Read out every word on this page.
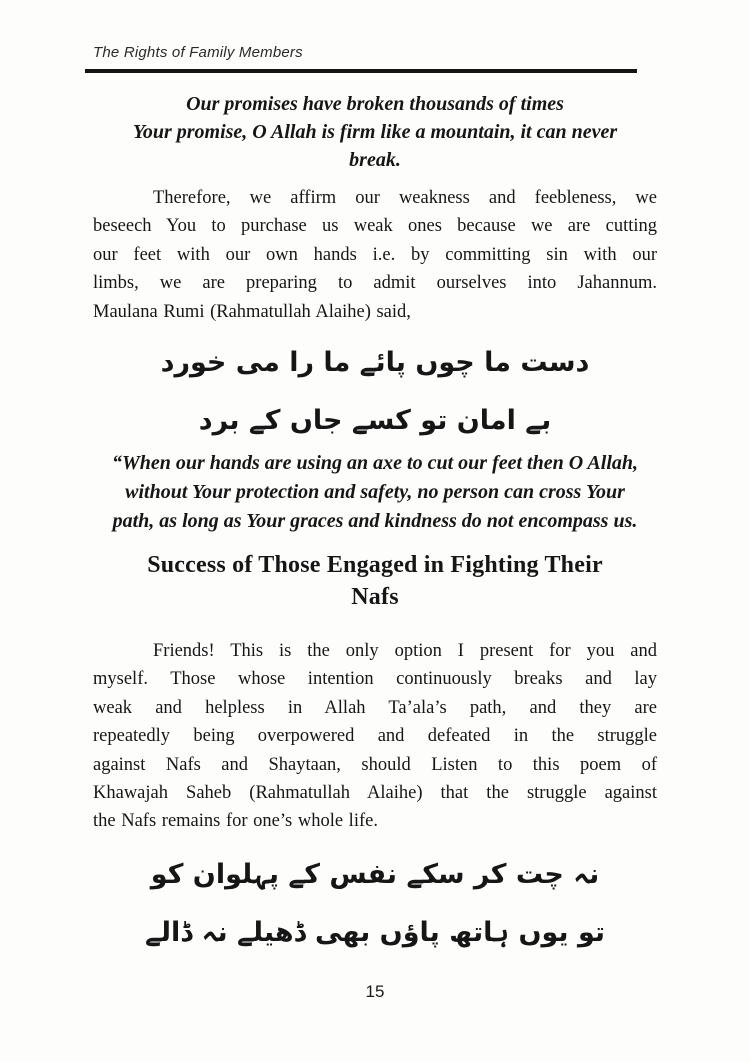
The Rights of Family Members
Our promises have broken thousands of times
Your promise, O Allah is firm like a mountain, it can never
break.
Therefore, we affirm our weakness and feebleness, we
beseech You to purchase us weak ones because we are cutting
our feet with our own hands i.e. by committing sin with our
limbs, we are preparing to admit ourselves into Jahannum.
Maulana Rumi (Rahmatullah Alaihe) said,
دست ما چوں پائے ما را می خورد
بے امان تو کسے جاں کے برد
“When our hands are using an axe to cut our feet then O Allah,
without Your protection and safety, no person can cross Your
path, as long as Your graces and kindness do not encompass us.
Success of Those Engaged in Fighting Their
Nafs
Friends! This is the only option I present for you and
myself. Those whose intention continuously breaks and lay
weak and helpless in Allah Ta’ala’s path, and they are
repeatedly being overpowered and defeated in the struggle
against Nafs and Shaytaan, should Listen to this poem of
Khawajah Saheb (Rahmatullah Alaihe) that the struggle against
the Nafs remains for one’s whole life.
نہ چت کر سکے نفس کے پہلوان کو
تو یوں ہاتھ پاؤں بھی ڈھیلے نہ ڈالے
15
